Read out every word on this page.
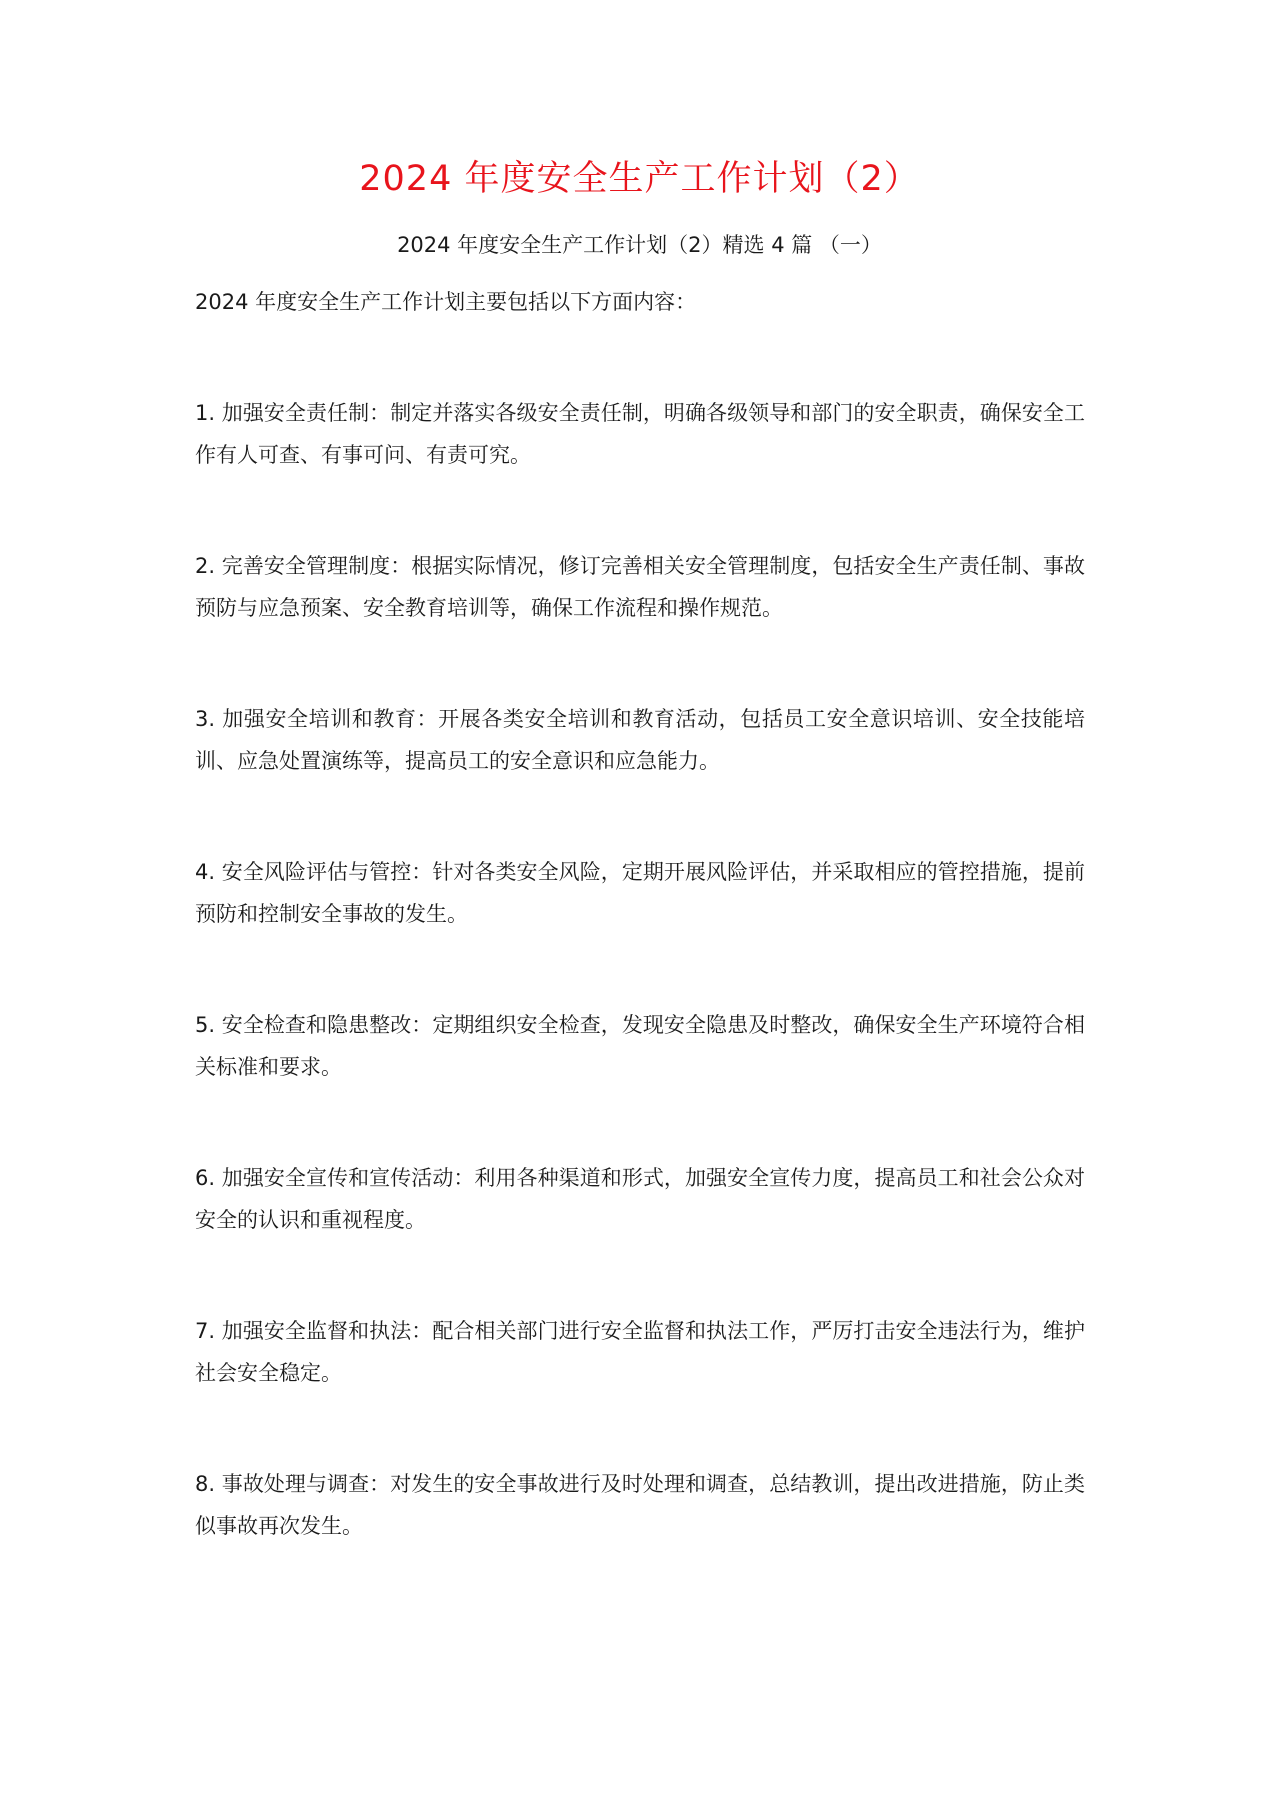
2024 年度安全生产工作计划（2）
2024 年度安全生产工作计划（2）精选 4 篇 （一）
2024 年度安全生产工作计划主要包括以下方面内容：
1. 加强安全责任制：制定并落实各级安全责任制，明确各级领导和部门的安全职责，确保安全工作有人可查、有事可问、有责可究。
2. 完善安全管理制度：根据实际情况，修订完善相关安全管理制度，包括安全生产责任制、事故预防与应急预案、安全教育培训等，确保工作流程和操作规范。
3. 加强安全培训和教育：开展各类安全培训和教育活动，包括员工安全意识培训、安全技能培训、应急处置演练等，提高员工的安全意识和应急能力。
4. 安全风险评估与管控：针对各类安全风险，定期开展风险评估，并采取相应的管控措施，提前预防和控制安全事故的发生。
5. 安全检查和隐患整改：定期组织安全检查，发现安全隐患及时整改，确保安全生产环境符合相关标准和要求。
6. 加强安全宣传和宣传活动：利用各种渠道和形式，加强安全宣传力度，提高员工和社会公众对安全的认识和重视程度。
7. 加强安全监督和执法：配合相关部门进行安全监督和执法工作，严厉打击安全违法行为，维护社会安全稳定。
8. 事故处理与调查：对发生的安全事故进行及时处理和调查，总结教训，提出改进措施，防止类似事故再次发生。
